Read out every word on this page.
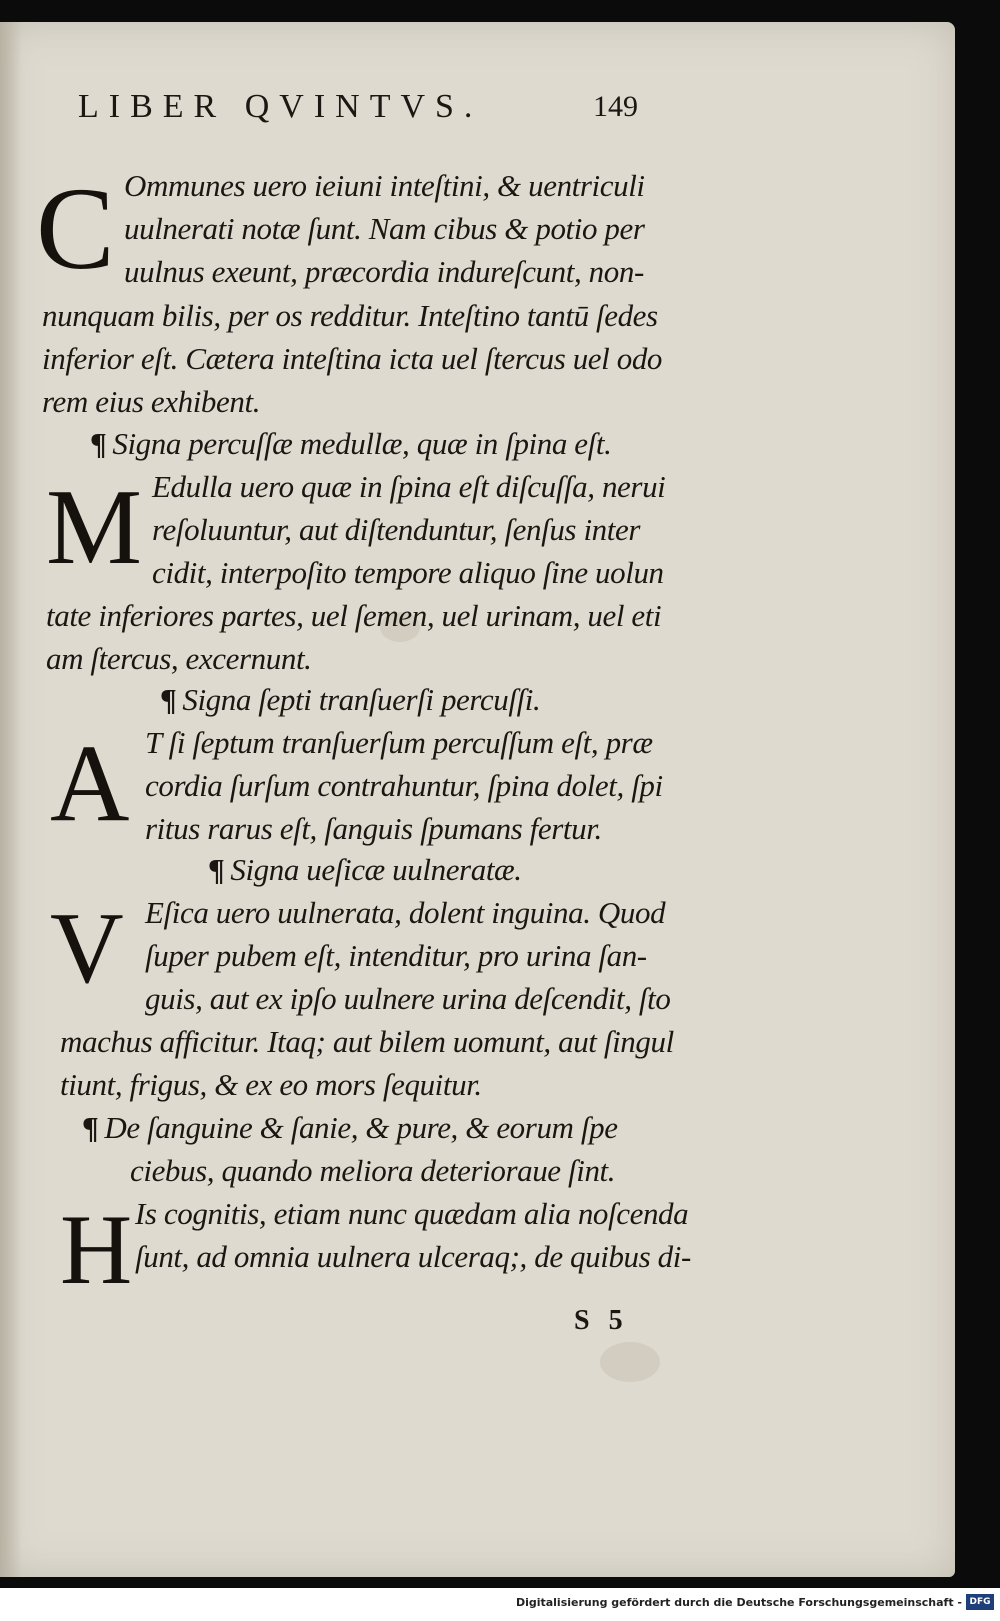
LIBER QVINTVS.	149
C Ommunes uero ieiuni inteſtini, & uentriculi
uulnerati notæ ſunt. Nam cibus & potio per
uulnus exeunt, præcordia indureſcunt, non-
nunquam bilis, per os redditur. Inteſtino tantū ſedes
inferior eſt. Cætera inteſtina icta uel ſtercus uel odo
rem eius exhibent.
¶ Signa percuſſæ medullæ, quæ in ſpina eſt.
M Edulla uero quæ in ſpina eſt diſcuſſa, nerui
reſoluuntur, aut diſtenduntur, ſenſus inter
cidit, interpoſito tempore aliquo ſine uolun
tate inferiores partes, uel ſemen, uel urinam, uel eti
am ſtercus, excernunt.
¶ Signa ſepti tranſuerſi percuſſi.
A T ſi ſeptum tranſuerſum percuſſum eſt, præ
cordia ſurſum contrahuntur, ſpina dolet, ſpi
ritus rarus eſt, ſanguis ſpumans fertur.
¶ Signa ueſicæ uulneratæ.
V Eſica uero uulnerata, dolent inguina. Quod
ſuper pubem eſt, intenditur, pro urina ſan-
guis, aut ex ipſo uulnere urina deſcendit, ſto
machus afficitur. Itaq; aut bilem uomunt, aut ſingul
tiunt, frigus, & ex eo mors ſequitur.
¶ De ſanguine & ſanie, & pure, & eorum ſpe
ciebus, quando meliora deterioraue ſint.
H Is cognitis, etiam nunc quædam alia noſcenda
ſunt, ad omnia uulnera ulceraq;, de quibus di-
S 5
Digitalisierung gefördert durch die Deutsche Forschungsgemeinschaft - DFG
